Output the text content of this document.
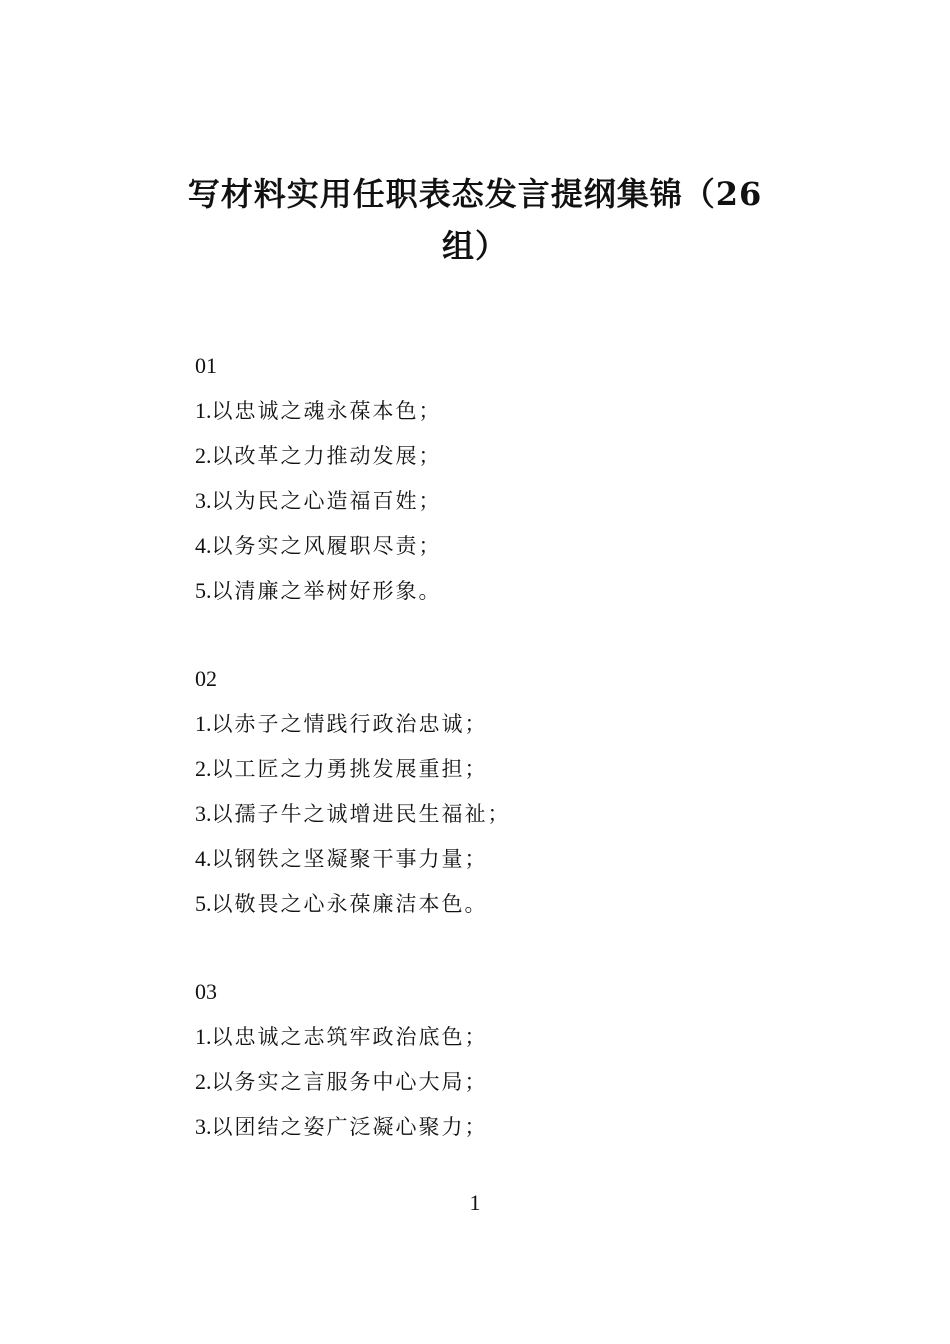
写材料实用任职表态发言提纲集锦（26
组）
01
1.以忠诚之魂永葆本色；
2.以改革之力推动发展；
3.以为民之心造福百姓；
4.以务实之风履职尽责；
5.以清廉之举树好形象。
02
1.以赤子之情践行政治忠诚；
2.以工匠之力勇挑发展重担；
3.以孺子牛之诚增进民生福祉；
4.以钢铁之坚凝聚干事力量；
5.以敬畏之心永葆廉洁本色。
03
1.以忠诚之志筑牢政治底色；
2.以务实之言服务中心大局；
3.以团结之姿广泛凝心聚力；
1
